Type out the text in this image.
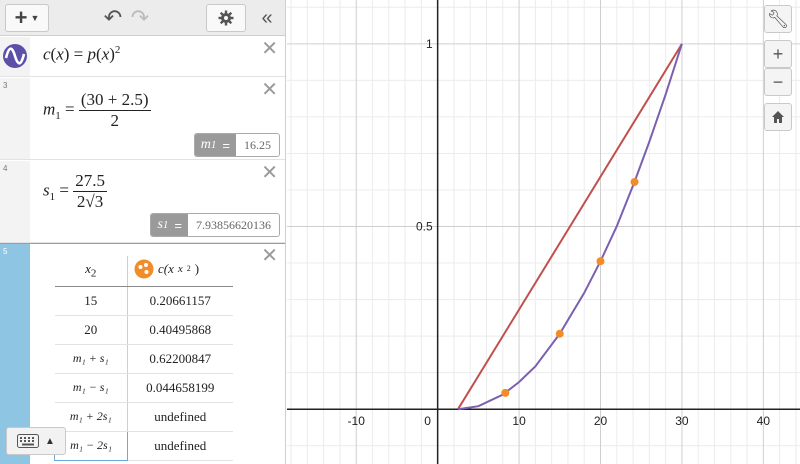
+ ▼	↶ ↷	«
$c(x) = p(x)^2$	✕
3
$m_1 = \frac{(30 + 2.5)}{2}$	✕
m 1 =	16.25
4
$s_1 = \frac{27.5}{2√3}$	✕
s 1 =	7.93856620136
5	✕
$x_2$	c(x x 2 )

15	0.20661157
20	0.40495868
m₁ + s₁	0.62200847
m₁ − s₁	0.044658199
m₁ + 2s₁	undefined
m₁ − 2s₁	undefined
▲
-10	0	10	20	30	40
1
0.5
🔧︎
+
−
